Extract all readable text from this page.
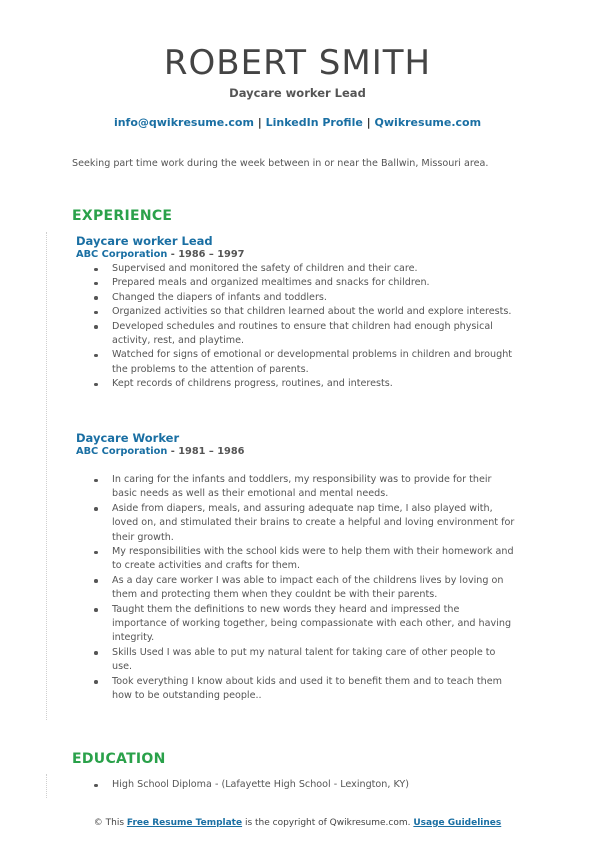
ROBERT SMITH
Daycare worker Lead
info@qwikresume.com | LinkedIn Profile | Qwikresume.com
Seeking part time work during the week between in or near the Ballwin, Missouri area.
EXPERIENCE
Daycare worker Lead
ABC Corporation - 1986 – 1997
Supervised and monitored the safety of children and their care.
Prepared meals and organized mealtimes and snacks for children.
Changed the diapers of infants and toddlers.
Organized activities so that children learned about the world and explore interests.
Developed schedules and routines to ensure that children had enough physical activity, rest, and playtime.
Watched for signs of emotional or developmental problems in children and brought the problems to the attention of parents.
Kept records of childrens progress, routines, and interests.
Daycare Worker
ABC Corporation - 1981 – 1986
In caring for the infants and toddlers, my responsibility was to provide for their basic needs as well as their emotional and mental needs.
Aside from diapers, meals, and assuring adequate nap time, I also played with, loved on, and stimulated their brains to create a helpful and loving environment for their growth.
My responsibilities with the school kids were to help them with their homework and to create activities and crafts for them.
As a day care worker I was able to impact each of the childrens lives by loving on them and protecting them when they couldnt be with their parents.
Taught them the definitions to new words they heard and impressed the importance of working together, being compassionate with each other, and having integrity.
Skills Used I was able to put my natural talent for taking care of other people to use.
Took everything I know about kids and used it to benefit them and to teach them how to be outstanding people..
EDUCATION
High School Diploma - (Lafayette High School - Lexington, KY)
© This Free Resume Template is the copyright of Qwikresume.com. Usage Guidelines
